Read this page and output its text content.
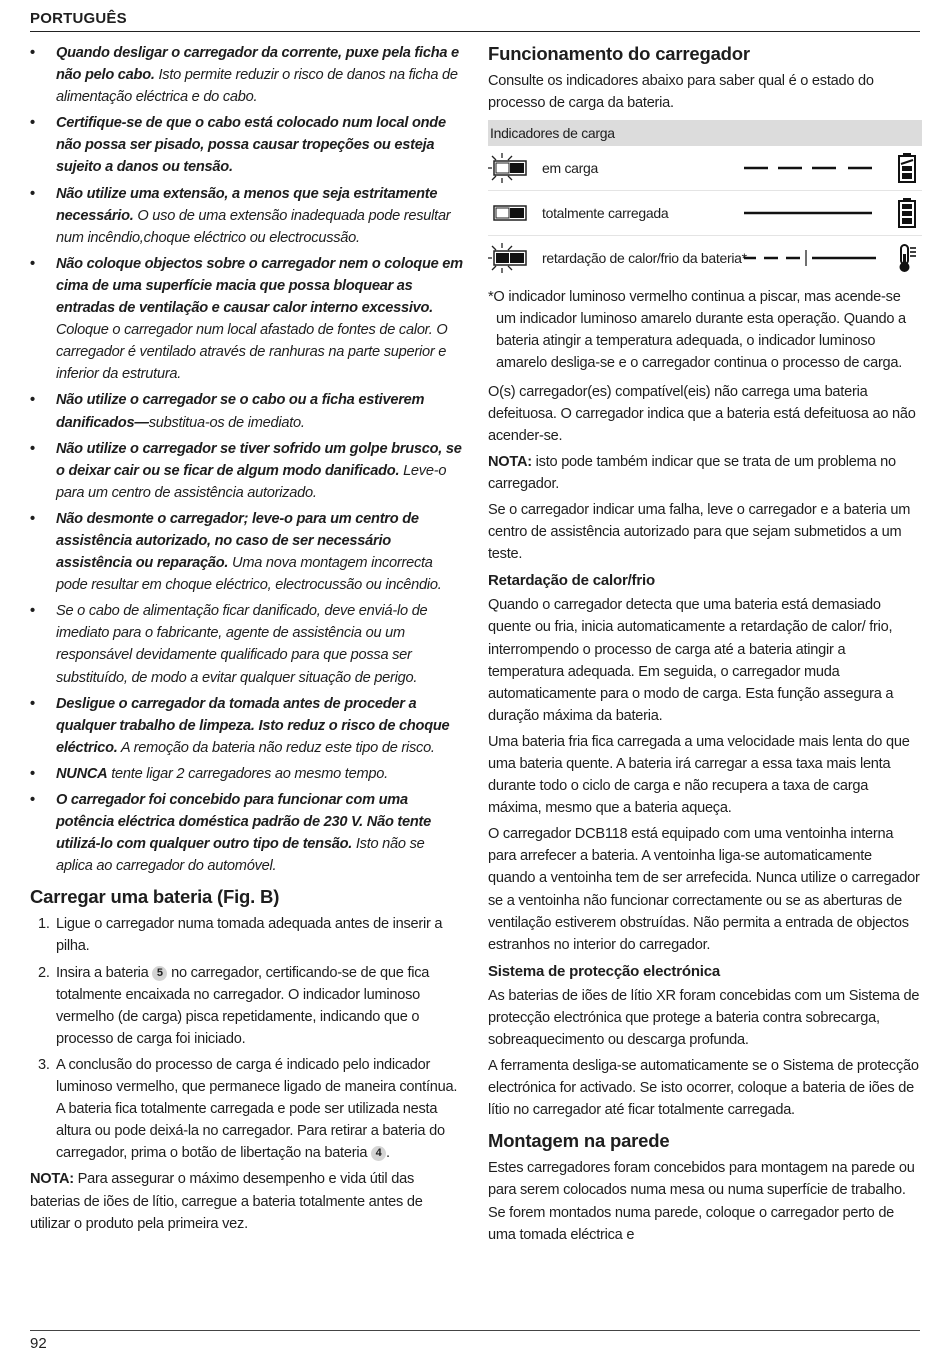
PORTUGUÊS
• Quando desligar o carregador da corrente, puxe pela ficha e não pelo cabo. Isto permite reduzir o risco de danos na ficha de alimentação eléctrica e do cabo.
• Certifique-se de que o cabo está colocado num local onde não possa ser pisado, possa causar tropeções ou esteja sujeito a danos ou tensão.
• Não utilize uma extensão, a menos que seja estritamente necessário. O uso de uma extensão inadequada pode resultar num incêndio,choque eléctrico ou electrocussão.
• Não coloque objectos sobre o carregador nem o coloque em cima de uma superfície macia que possa bloquear as entradas de ventilação e causar calor interno excessivo. Coloque o carregador num local afastado de fontes de calor. O carregador é ventilado através de ranhuras na parte superior e inferior da estrutura.
• Não utilize o carregador se o cabo ou a ficha estiverem danificados—substitua-os de imediato.
• Não utilize o carregador se tiver sofrido um golpe brusco, se o deixar cair ou se ficar de algum modo danificado. Leve-o para um centro de assistência autorizado.
• Não desmonte o carregador; leve-o para um centro de assistência autorizado, no caso de ser necessário assistência ou reparação. Uma nova montagem incorrecta pode resultar em choque eléctrico, electrocussão ou incêndio.
• Se o cabo de alimentação ficar danificado, deve enviá-lo de imediato para o fabricante, agente de assistência ou um responsável devidamente qualificado para que possa ser substituído, de modo a evitar qualquer situação de perigo.
• Desligue o carregador da tomada antes de proceder a qualquer trabalho de limpeza. Isto reduz o risco de choque eléctrico. A remoção da bateria não reduz este tipo de risco.
• NUNCA tente ligar 2 carregadores ao mesmo tempo.
• O carregador foi concebido para funcionar com uma potência eléctrica doméstica padrão de 230 V. Não tente utilizá-lo com qualquer outro tipo de tensão. Isto não se aplica ao carregador do automóvel.
Carregar uma bateria (Fig. B)
1. Ligue o carregador numa tomada adequada antes de inserir a pilha.
2. Insira a bateria 5 no carregador, certificando-se de que fica totalmente encaixada no carregador. O indicador luminoso vermelho (de carga) pisca repetidamente, indicando que o processo de carga foi iniciado.
3. A conclusão do processo de carga é indicado pelo indicador luminoso vermelho, que permanece ligado de maneira contínua. A bateria fica totalmente carregada e pode ser utilizada nesta altura ou pode deixá-la no carregador. Para retirar a bateria do carregador, prima o botão de libertação na bateria 4 .

NOTA: Para assegurar o máximo desempenho e vida útil das baterias de iões de lítio, carregue a bateria totalmente antes de utilizar o produto pela primeira vez.

Funcionamento do carregador

Consulte os indicadores abaixo para saber qual é o estado do processo de carga da bateria.

Indicadores de carga
em carga
totalmente carregada
retardação de calor/frio da bateria*

*O indicador luminoso vermelho continua a piscar, mas acende-se um indicador luminoso amarelo durante esta operação. Quando a bateria atingir a temperatura adequada, o indicador luminoso amarelo desliga-se e o carregador continua o processo de carga.

O(s) carregador(es) compatível(eis) não carrega uma bateria defeituosa. O carregador indica que a bateria está defeituosa ao não acender-se.

NOTA: isto pode também indicar que se trata de um problema no carregador.

Se o carregador indicar uma falha, leve o carregador e a bateria um centro de assistência autorizado para que sejam submetidos a um teste.

Retardação de calor/frio

Quando o carregador detecta que uma bateria está demasiado quente ou fria, inicia automaticamente a retardação de calor/ frio, interrompendo o processo de carga até a bateria atingir a temperatura adequada. Em seguida, o carregador muda automaticamente para o modo de carga. Esta função assegura a duração máxima da bateria.

Uma bateria fria fica carregada a uma velocidade mais lenta do que uma bateria quente. A bateria irá carregar a essa taxa mais lenta durante todo o ciclo de carga e não recupera a taxa de carga máxima, mesmo que a bateria aqueça.

O carregador DCB118 está equipado com uma ventoinha interna para arrefecer a bateria. A ventoinha liga-se automaticamente quando a ventoinha tem de ser arrefecida. Nunca utilize o carregador se a ventoinha não funcionar correctamente ou se as aberturas de ventilação estiverem obstruídas. Não permita a entrada de objectos estranhos no interior do carregador.

Sistema de protecção electrónica

As baterias de iões de lítio XR foram concebidas com um Sistema de protecção electrónica que protege a bateria contra sobrecarga, sobreaquecimento ou descarga profunda.

A ferramenta desliga-se automaticamente se o Sistema de protecção electrónica for activado. Se isto ocorrer, coloque a bateria de iões de lítio no carregador até ficar totalmente carregada.

Montagem na parede

Estes carregadores foram concebidos para montagem na parede ou para serem colocados numa mesa ou numa superfície de trabalho. Se forem montados numa parede, coloque o carregador perto de uma tomada eléctrica e

92
